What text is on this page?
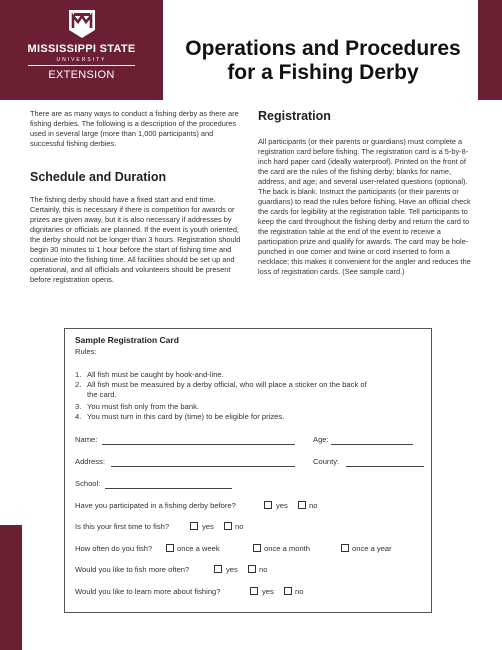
MISSISSIPPI STATE
UNIVERSITY
EXTENSION
Operations and Procedures
for a Fishing Derby
There are as many ways to conduct a fishing derby as there are fishing derbies. The following is a description of the procedures used in several large (more than 1,000 participants) and successful fishing derbies.
Schedule and Duration
The fishing derby should have a fixed start and end time. Certainly, this is necessary if there is competition for awards or prizes are given away, but it is also necessary if addresses by dignitaries or officials are planned. If the event is youth oriented, the derby should not be longer than 3 hours. Registration should begin 30 minutes to 1 hour before the start of fishing time and continue into the fishing time. All facilities should be set up and operational, and all officials and volunteers should be present before registration opens.
Registration
All participants (or their parents or guardians) must complete a registration card before fishing. The registration card is a 5-by-8-inch hard paper card (ideally waterproof). Printed on the front of the card are the rules of the fishing derby; blanks for name, address, and age; and several user-related questions (optional). The back is blank. Instruct the participants (or their parents or guardians) to read the rules before fishing. Have an official check the cards for legibility at the registration table. Tell participants to keep the card throughout the fishing derby and return the card to the registration table at the end of the event to receive a participation prize and qualify for awards. The card may be hole-punched in one corner and twine or cord inserted to form a necklace; this makes it convenient for the angler and reduces the loss of registration cards. (See sample card.)
Sample Registration Card
Rules:
1. All fish must be caught by hook-and-line.
2. All fish must be measured by a derby official, who will place a sticker on the back of the card.
3. You must fish only from the bank.
4. You must turn in this card by (time) to be eligible for prizes.
Name:	Age:
Address:	County:
School:
Have you participated in a fishing derby before?	yes	no
Is this your first time to fish?	yes	no
How often do you fish?	once a week	once a month	once a year
Would you like to fish more often?	yes	no
Would you like to learn more about fishing?	yes	no
